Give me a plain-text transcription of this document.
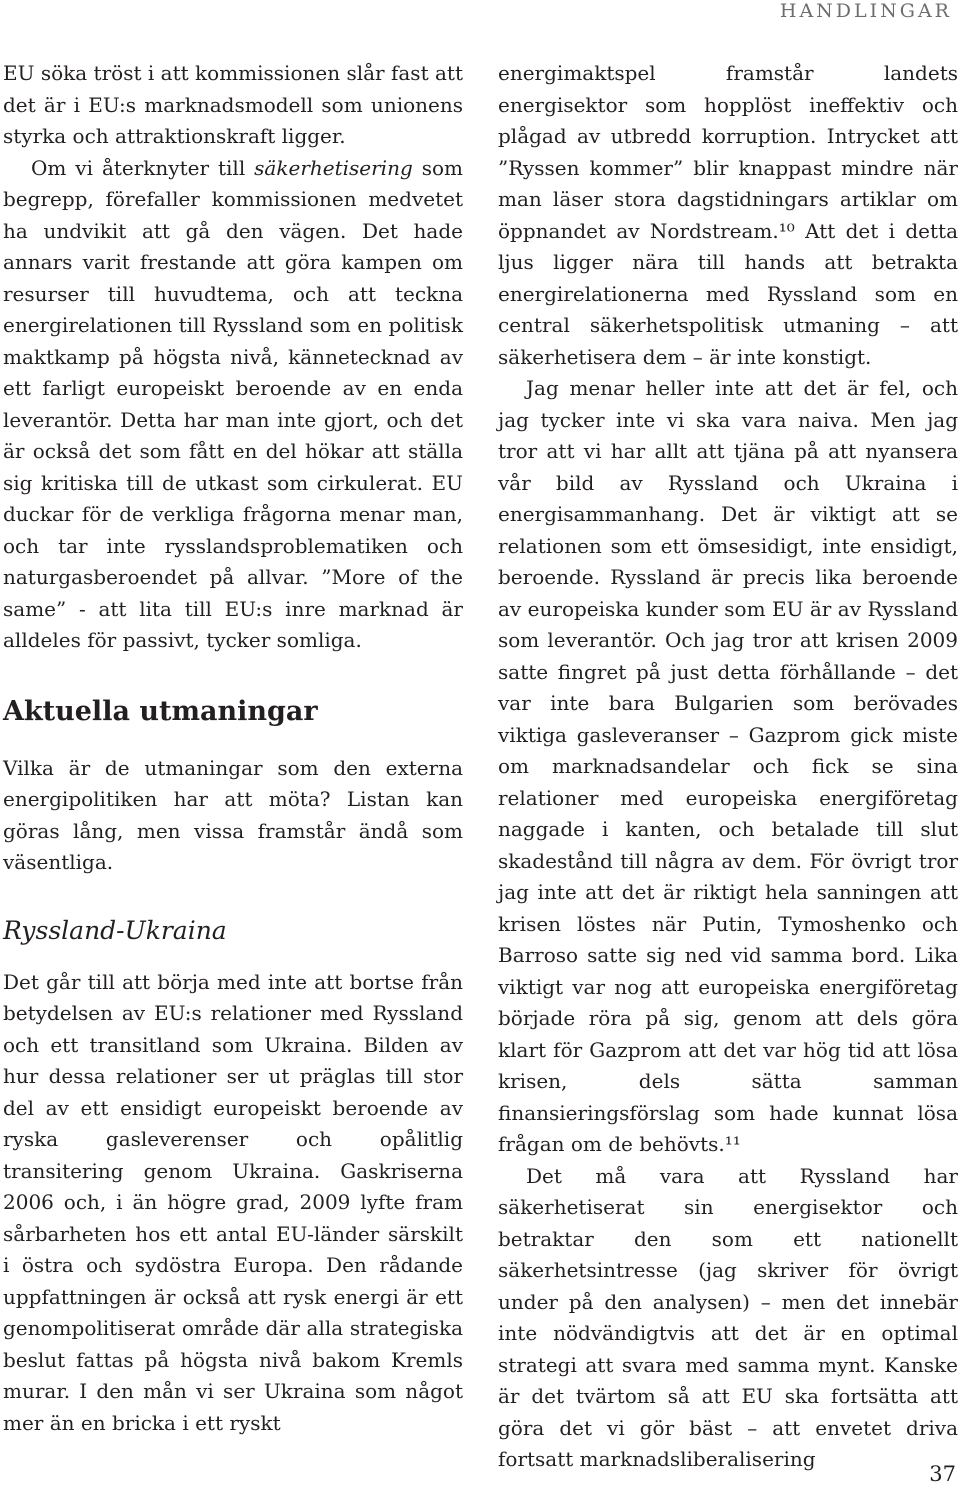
HANDLINGAR

EU söka tröst i att kommissionen slår fast att det är i EU:s marknadsmodell som unionens styrka och attraktionskraft ligger.

Om vi återknyter till säkerhetisering som begrepp, förefaller kommissionen medvetet ha undvikit att gå den vägen. Det hade annars varit frestande att göra kampen om resurser till huvudtema, och att teckna energirelationen till Ryssland som en politisk maktkamp på högsta nivå, kännetecknad av ett farligt europeiskt beroende av en enda leverantör. Detta har man inte gjort, och det är också det som fått en del hökar att ställa sig kritiska till de utkast som cirkulerat. EU duckar för de verkliga frågorna menar man, och tar inte rysslandsproblematiken och naturgasberoendet på allvar. ”More of the same” - att lita till EU:s inre marknad är alldeles för passivt, tycker somliga.

Aktuella utmaningar

Vilka är de utmaningar som den externa energipolitiken har att möta? Listan kan göras lång, men vissa framstår ändå som väsentliga.

Ryssland-Ukraina

Det går till att börja med inte att bortse från betydelsen av EU:s relationer med Ryssland och ett transitland som Ukraina. Bilden av hur dessa relationer ser ut präglas till stor del av ett ensidigt europeiskt beroende av ryska gasleverenser och opålitlig transitering genom Ukraina. Gaskriserna 2006 och, i än högre grad, 2009 lyfte fram sårbarheten hos ett antal EU-länder särskilt i östra och sydöstra Europa. Den rådande uppfattningen är också att rysk energi är ett genompolitiserat område där alla strategiska beslut fattas på högsta nivå bakom Kremls murar. I den mån vi ser Ukraina som något mer än en bricka i ett ryskt

energimaktspel framstår landets energisektor som hopplöst ineffektiv och plågad av utbredd korruption. Intrycket att ”Ryssen kommer” blir knappast mindre när man läser stora dagstidningars artiklar om öppnandet av Nordstream.¹⁰ Att det i detta ljus ligger nära till hands att betrakta energirelationerna med Ryssland som en central säkerhetspolitisk utmaning – att säkerhetisera dem – är inte konstigt.

Jag menar heller inte att det är fel, och jag tycker inte vi ska vara naiva. Men jag tror att vi har allt att tjäna på att nyansera vår bild av Ryssland och Ukraina i energisammanhang. Det är viktigt att se relationen som ett ömsesidigt, inte ensidigt, beroende. Ryssland är precis lika beroende av europeiska kunder som EU är av Ryssland som leverantör. Och jag tror att krisen 2009 satte fingret på just detta förhållande – det var inte bara Bulgarien som berövades viktiga gasleveranser – Gazprom gick miste om marknadsandelar och fick se sina relationer med europeiska energiföretag naggade i kanten, och betalade till slut skadestånd till några av dem. För övrigt tror jag inte att det är riktigt hela sanningen att krisen löstes när Putin, Tymoshenko och Barroso satte sig ned vid samma bord. Lika viktigt var nog att europeiska energiföretag började röra på sig, genom att dels göra klart för Gazprom att det var hög tid att lösa krisen, dels sätta samman finansieringsförslag som hade kunnat lösa frågan om de behövts.¹¹

Det må vara att Ryssland har säkerhetiserat sin energisektor och betraktar den som ett nationellt säkerhetsintresse (jag skriver för övrigt under på den analysen) – men det innebär inte nödvändigtvis att det är en optimal strategi att svara med samma mynt. Kanske är det tvärtom så att EU ska fortsätta att göra det vi gör bäst – att envetet driva fortsatt marknadsliberalisering

37
